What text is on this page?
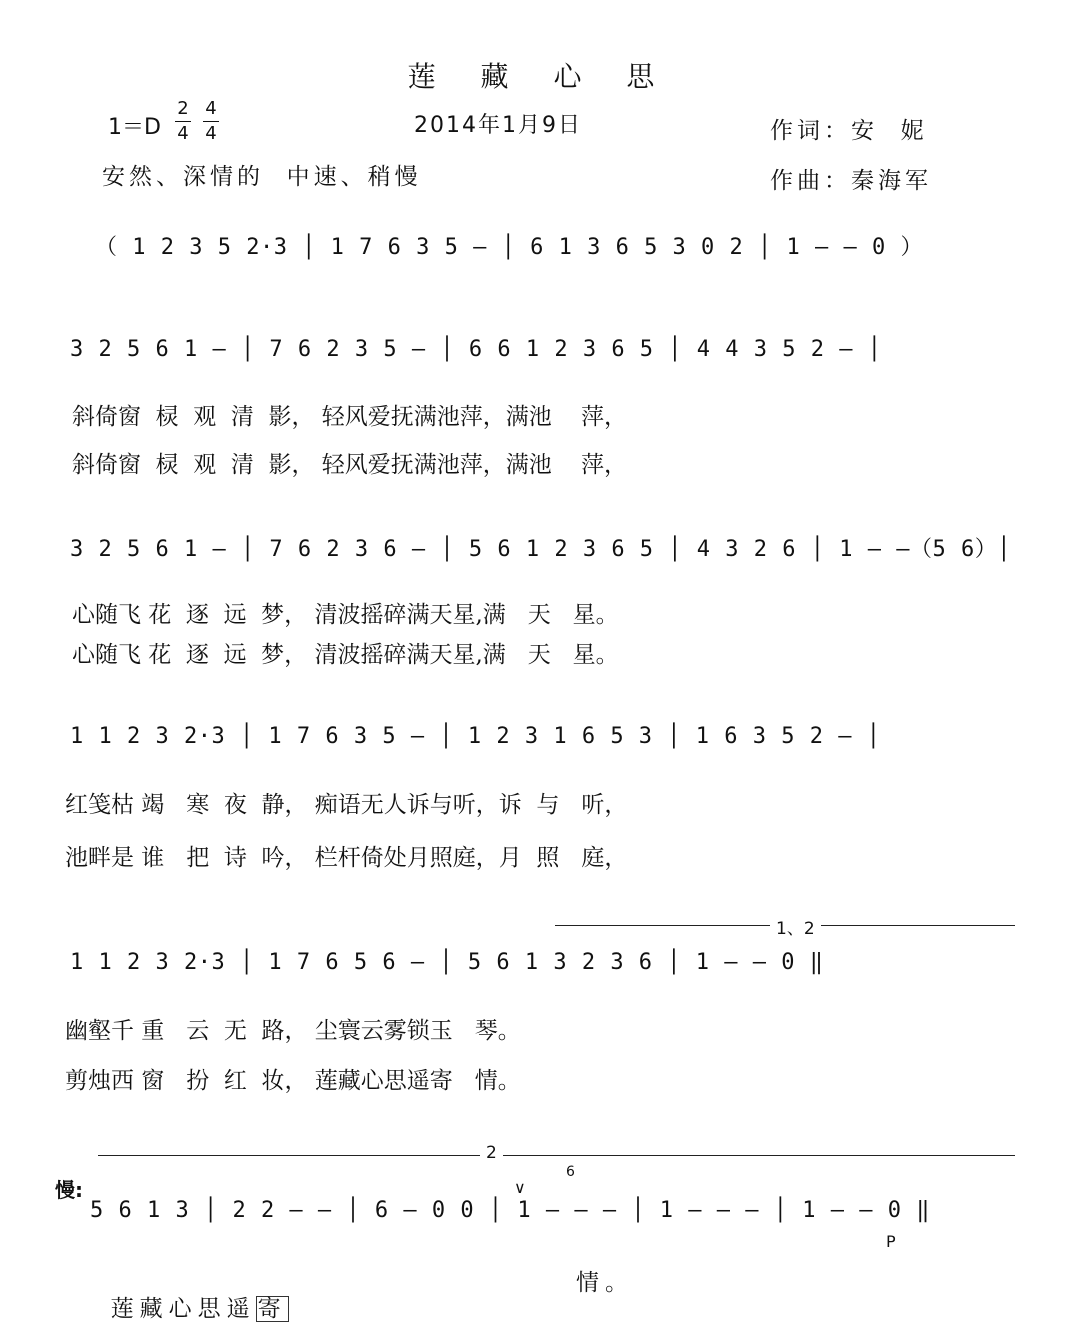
莲 藏 心 思
1＝D
2
4
4
4	2014年1月9日
安然、深情的  中速、稍慢
作词：安  妮
作曲：秦海军
（ 1 2 3 5 2·3 │ 1 7 6 3 5 — │ 6 1 3 6 5 3 0 2 │ 1 — — 0 ）
3 2 5 6 1 — │ 7 6 2 3 5 — │ 6 6 1 2 3 6 5 │ 4 4 3 5 2 — │
斜倚窗  棂  观  清  影， 轻风爱抚满池萍，满池    萍，
斜倚窗  棂  观  清  影， 轻风爱抚满池萍，满池    萍，
3 2 5 6 1 — │ 7 6 2 3 6 — │ 5 6 1 2 3 6 5 │ 4 3 2 6 │ 1 — —（5 6）│
心随飞 花  逐  远  梦， 清波摇碎满天星,满   天   星。
心随飞 花  逐  远  梦， 清波摇碎满天星,满   天   星。
1 1 2 3 2·3 │ 1 7 6 3 5 — │ 1 2 3 1 6 5 3 │ 1 6 3 5 2 — │
红笺枯 竭   寒  夜  静， 痴语无人诉与听，诉  与   听，
池畔是 谁   把  诗  吟， 栏杆倚处月照庭，月  照   庭，
1、2
1 1 2 3 2·3 │ 1 7 6 5 6 — │ 5 6 1 3 2 3 6 │ 1 — — 0 ‖
幽壑千 重   云  无  路， 尘寰云雾锁玉   琴。
剪烛西 窗   扮  红  妆， 莲藏心思遥寄   情。
2
慢:
5 6 1 3 │ 2 2 — — │ 6 — 0 0 │ 1 — — — │ 1 — — — │ 1 — — 0 ‖
6
∨
P

莲藏心思遥寄

情。
